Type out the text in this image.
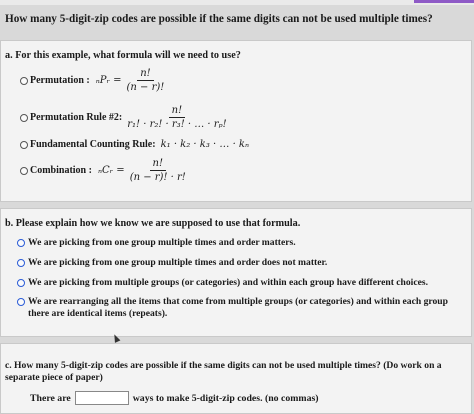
How many 5-digit-zip codes are possible if the same digits can not be used multiple times?
a. For this example, what formula will we need to use?
Permutation : ₙPᵣ = $\frac{n!}{(n - r)!}$
Permutation Rule #2: $\frac{n!}{\text{r₁! · r₂! · r₃! · … · rₚ!}}$
Fundamental Counting Rule: k₁ · k₂ · k₃ · … · kₙ
Combination : ₙCᵣ = $\frac{n!}{(n - r)! \cdot r!}$
b. Please explain how we know we are supposed to use that formula.
We are picking from one group multiple times and order matters.
We are picking from one group multiple times and order does not matter.
We are picking from multiple groups (or categories) and within each group have different choices.
We are rearranging all the items that come from multiple groups (or categories) and within each group there are identical items (repeats).
c. How many 5-digit-zip codes are possible if the same digits can not be used multiple times? (Do work on a separate piece of paper)
There are	ways to make 5-digit-zip codes. (no commas)
